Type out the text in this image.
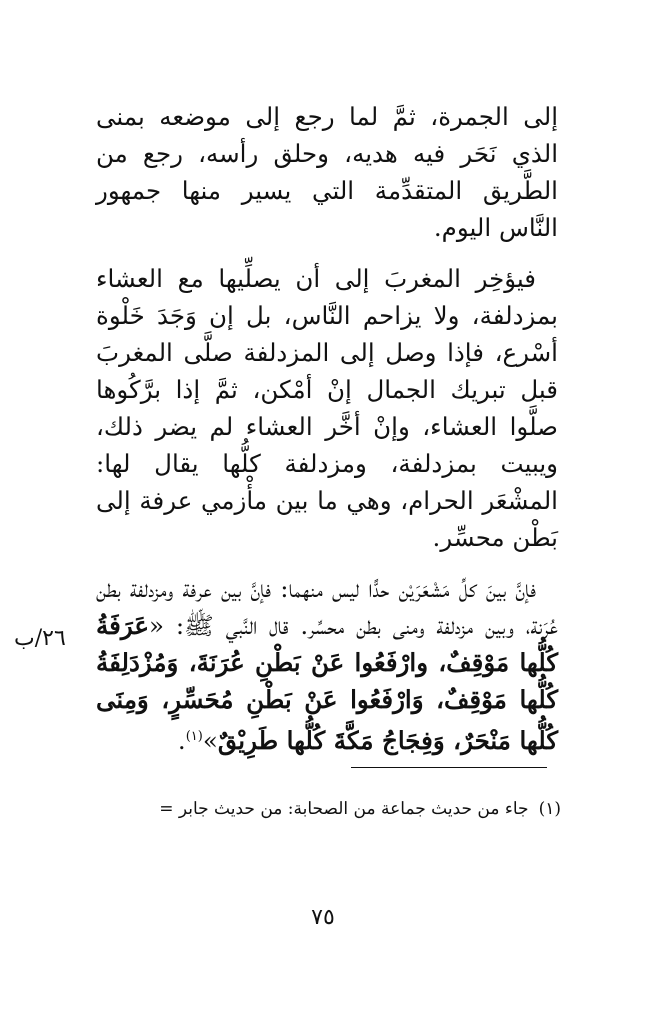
إلى الجمرة، ثمَّ لما رجع إلى موضعه بمنى الذي نَحَر فيه هديه، وحلق رأسه، رجع من الطَّريق المتقدِّمة التي يسير منها جمهور النَّاس اليوم.

فيؤخِر المغربَ إلى أن يصلِّيها مع العشاء بمزدلفة، ولا يزاحم النَّاس، بل إن وَجَدَ خَلْوة أسْرع، فإذا وصل إلى المزدلفة صلَّى المغربَ قبل تبريك الجمال إنْ أمْكن، ثمَّ إذا برَّكُوها صلَّوا العشاء، وإنْ أخَّر العشاء لم يضر ذلك، ويبيت بمزدلفة، ومزدلفة كلُّها يقال لها: المشْعَر الحرام، وهي ما بين مأْزمي عرفة إلى بَطْن محسِّر.

فإنَّ بينَ كلِّ مَشْعَرَيْن حدًّا ليس منهما: فإنَّ بين عرفة ومزدلفة بطن عُرَنة، وبين مزدلفة ومنى بطن محسِّر. قال النَّبي ﷺ: «عَرَفَةُ كُلُّها مَوْقِفٌ، وارْفَعُوا عَنْ بَطْنِ عُرَنَةَ، وَمُزْدَلِفَةُ كُلُّها مَوْقِفٌ، وَارْفَعُوا عَنْ بَطْنِ مُحَسِّرٍ، وَمِنَى كُلُّها مَنْحَرٌ، وَفِجَاجُ مَكَّةَ كُلُّها طَرِيْقٌ»$^{(١)}$.

٢٦/ب
(١)جاء من حديث جماعة من الصحابة: من حديث جابر =
٧٥
